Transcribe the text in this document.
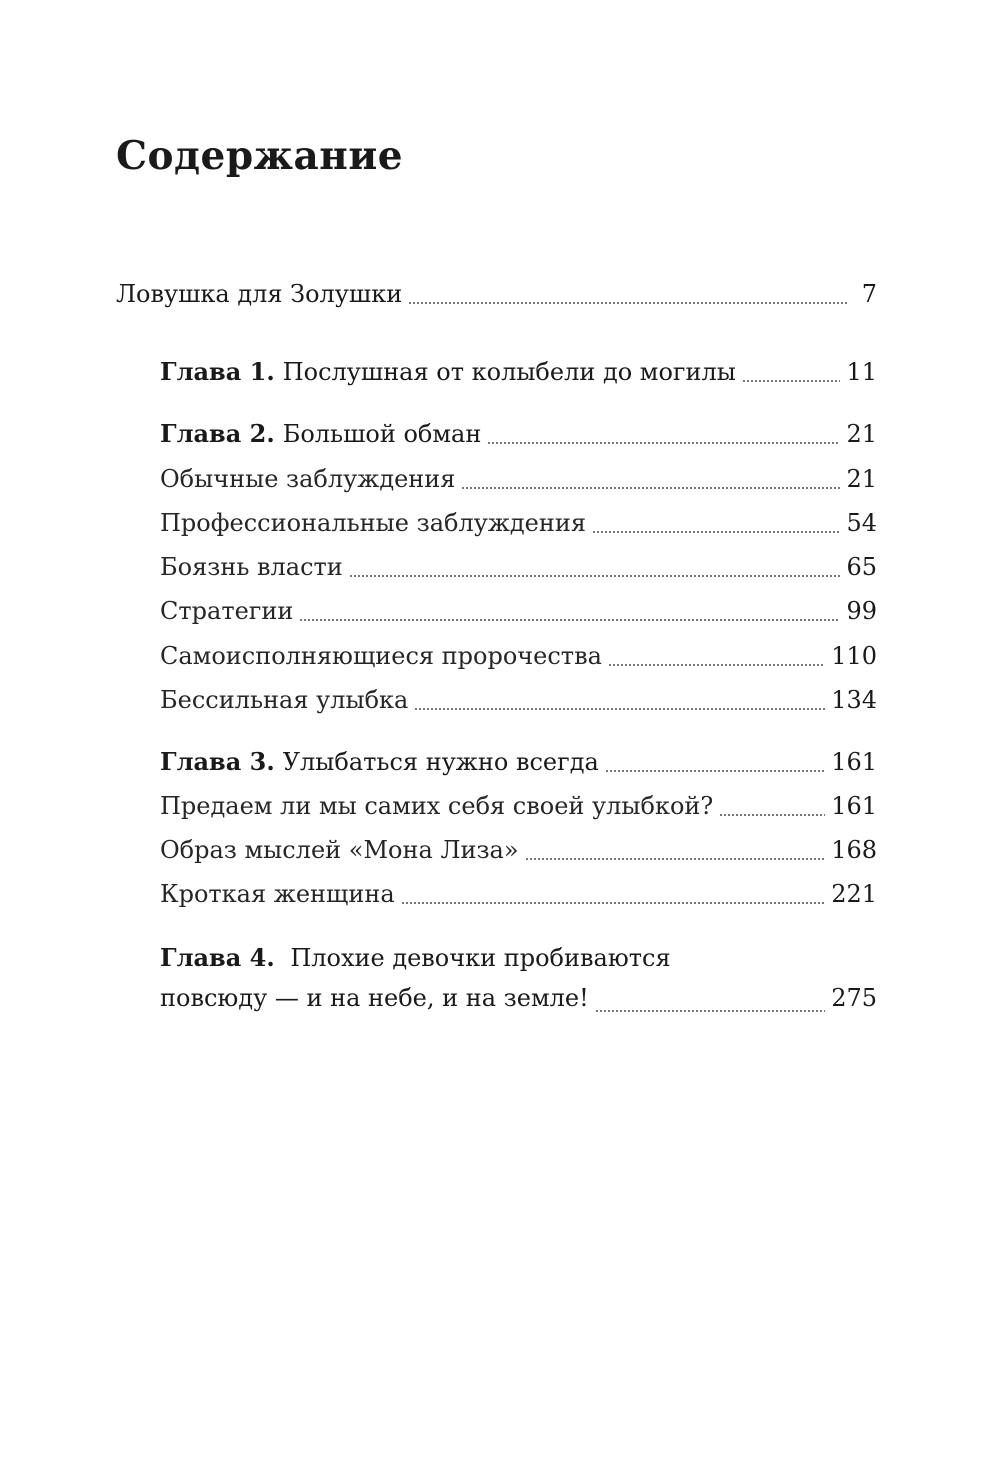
Содержание
Ловушка для Золушки	7
Глава 1. Послушная от колыбели до могилы	11
Глава 2. Большой обман	21
Обычные заблуждения	21
Профессиональные заблуждения	54
Боязнь власти	65
Стратегии	99
Самоисполняющиеся пророчества	110
Бессильная улыбка	134
Глава 3. Улыбаться нужно всегда	161
Предаем ли мы самих себя своей улыбкой?	161
Образ мыслей «Мона Лиза»	168
Кроткая женщина	221
Глава 4. Плохие девочки пробиваются
повсюду — и на небе, и на земле!	275
